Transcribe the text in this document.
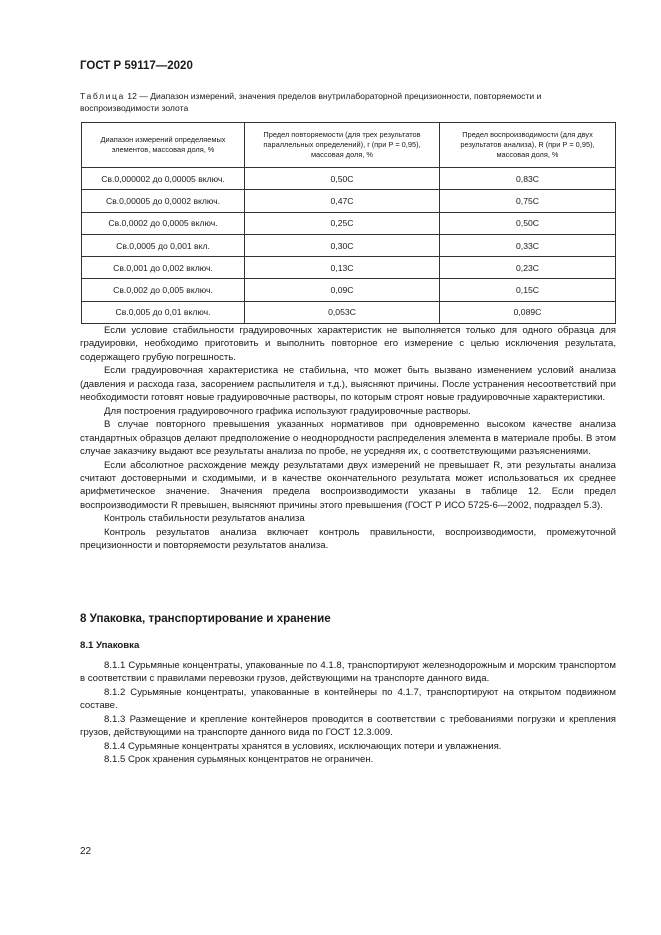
ГОСТ Р 59117—2020
Таблица 12 — Диапазон измерений, значения пределов внутрилабораторной прецизионности, повторяемости и воспроизводимости золота
Диапазон измерений определяемых элементов, массовая доля, %	Предел повторяемости (для трех результатов параллельных определений), r (при P = 0,95), массовая доля, %	Предел воспроизводимости (для двух результатов анализа), R (при P = 0,95), массовая доля, %
Св.0,000002 до 0,00005 включ.	0,50C	0,83C
Св.0,00005 до 0,0002 включ.	0,47C	0,75C
Св.0,0002 до 0,0005 включ.	0,25C	0,50C
Св.0,0005 до 0,001 вкл.	0,30C	0,33C
Св.0,001 до 0,002 включ.	0,13C	0,23C
Св.0,002 до 0,005 включ.	0,09C	0,15C
Св.0,005 до 0,01 включ.	0,053C	0,089C

Если условие стабильности градуировочных характеристик не выполняется только для одного образца для градуировки, необходимо приготовить и выполнить повторное его измерение с целью исключения результата, содержащего грубую погрешность.

Если градуировочная характеристика не стабильна, что может быть вызвано изменением условий анализа (давления и расхода газа, засорением распылителя и т.д.), выясняют причины. После устранения несоответствий при необходимости готовят новые градуировочные растворы, по которым строят новые градуировочные характеристики.

Для построения градуировочного графика используют градуировочные растворы.

В случае повторного превышения указанных нормативов при одновременно высоком качестве анализа стандартных образцов делают предположение о неоднородности распределения элемента в материале пробы. В этом случае заказчику выдают все результаты анализа по пробе, не усредняя их, с соответствующими разъяснениями.

Если абсолютное расхождение между результатами двух измерений не превышает R, эти результаты анализа считают достоверными и сходимыми, и в качестве окончательного результата может использоваться их среднее арифметическое значение. Значения предела воспроизводимости указаны в таблице 12. Если предел воспроизводимости R превышен, выясняют причины этого превышения (ГОСТ Р ИСО 5725-6—2002, подраздел 5.3).

Контроль стабильности результатов анализа

Контроль результатов анализа включает контроль правильности, воспроизводимости, промежуточной прецизионности и повторяемости результатов анализа.

8 Упаковка, транспортирование и хранение
8.1 Упаковка

8.1.1 Сурьмяные концентраты, упакованные по 4.1.8, транспортируют железнодорожным и морским транспортом в соответствии с правилами перевозки грузов, действующими на транспорте данного вида.

8.1.2 Сурьмяные концентраты, упакованные в контейнеры по 4.1.7, транспортируют на открытом подвижном составе.

8.1.3 Размещение и крепление контейнеров проводится в соответствии с требованиями погрузки и крепления грузов, действующими на транспорте данного вида по ГОСТ 12.3.009.

8.1.4 Сурьмяные концентраты хранятся в условиях, исключающих потери и увлажнения.

8.1.5 Срок хранения сурьмяных концентратов не ограничен.

22
